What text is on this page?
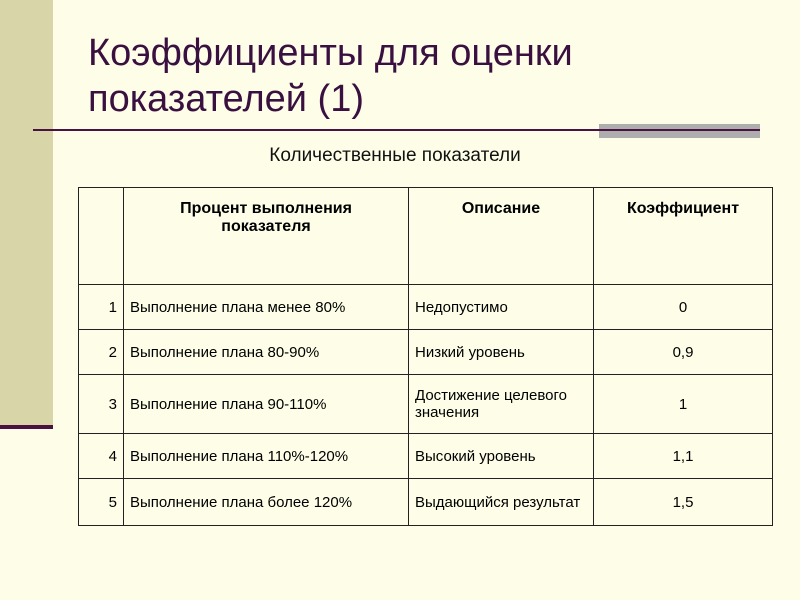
Коэффициенты для оценки
показателей (1)
Количественные показатели
	Процент выполнения показателя	Описание	Коэффициент
1	Выполнение плана менее 80%	Недопустимо	0
2	Выполнение плана 80-90%	Низкий уровень	0,9
3	Выполнение плана 90-110%	Достижение целевого значения	1
4	Выполнение плана 110%-120%	Высокий уровень	1,1
5	Выполнение плана более 120%	Выдающийся результат	1,5
